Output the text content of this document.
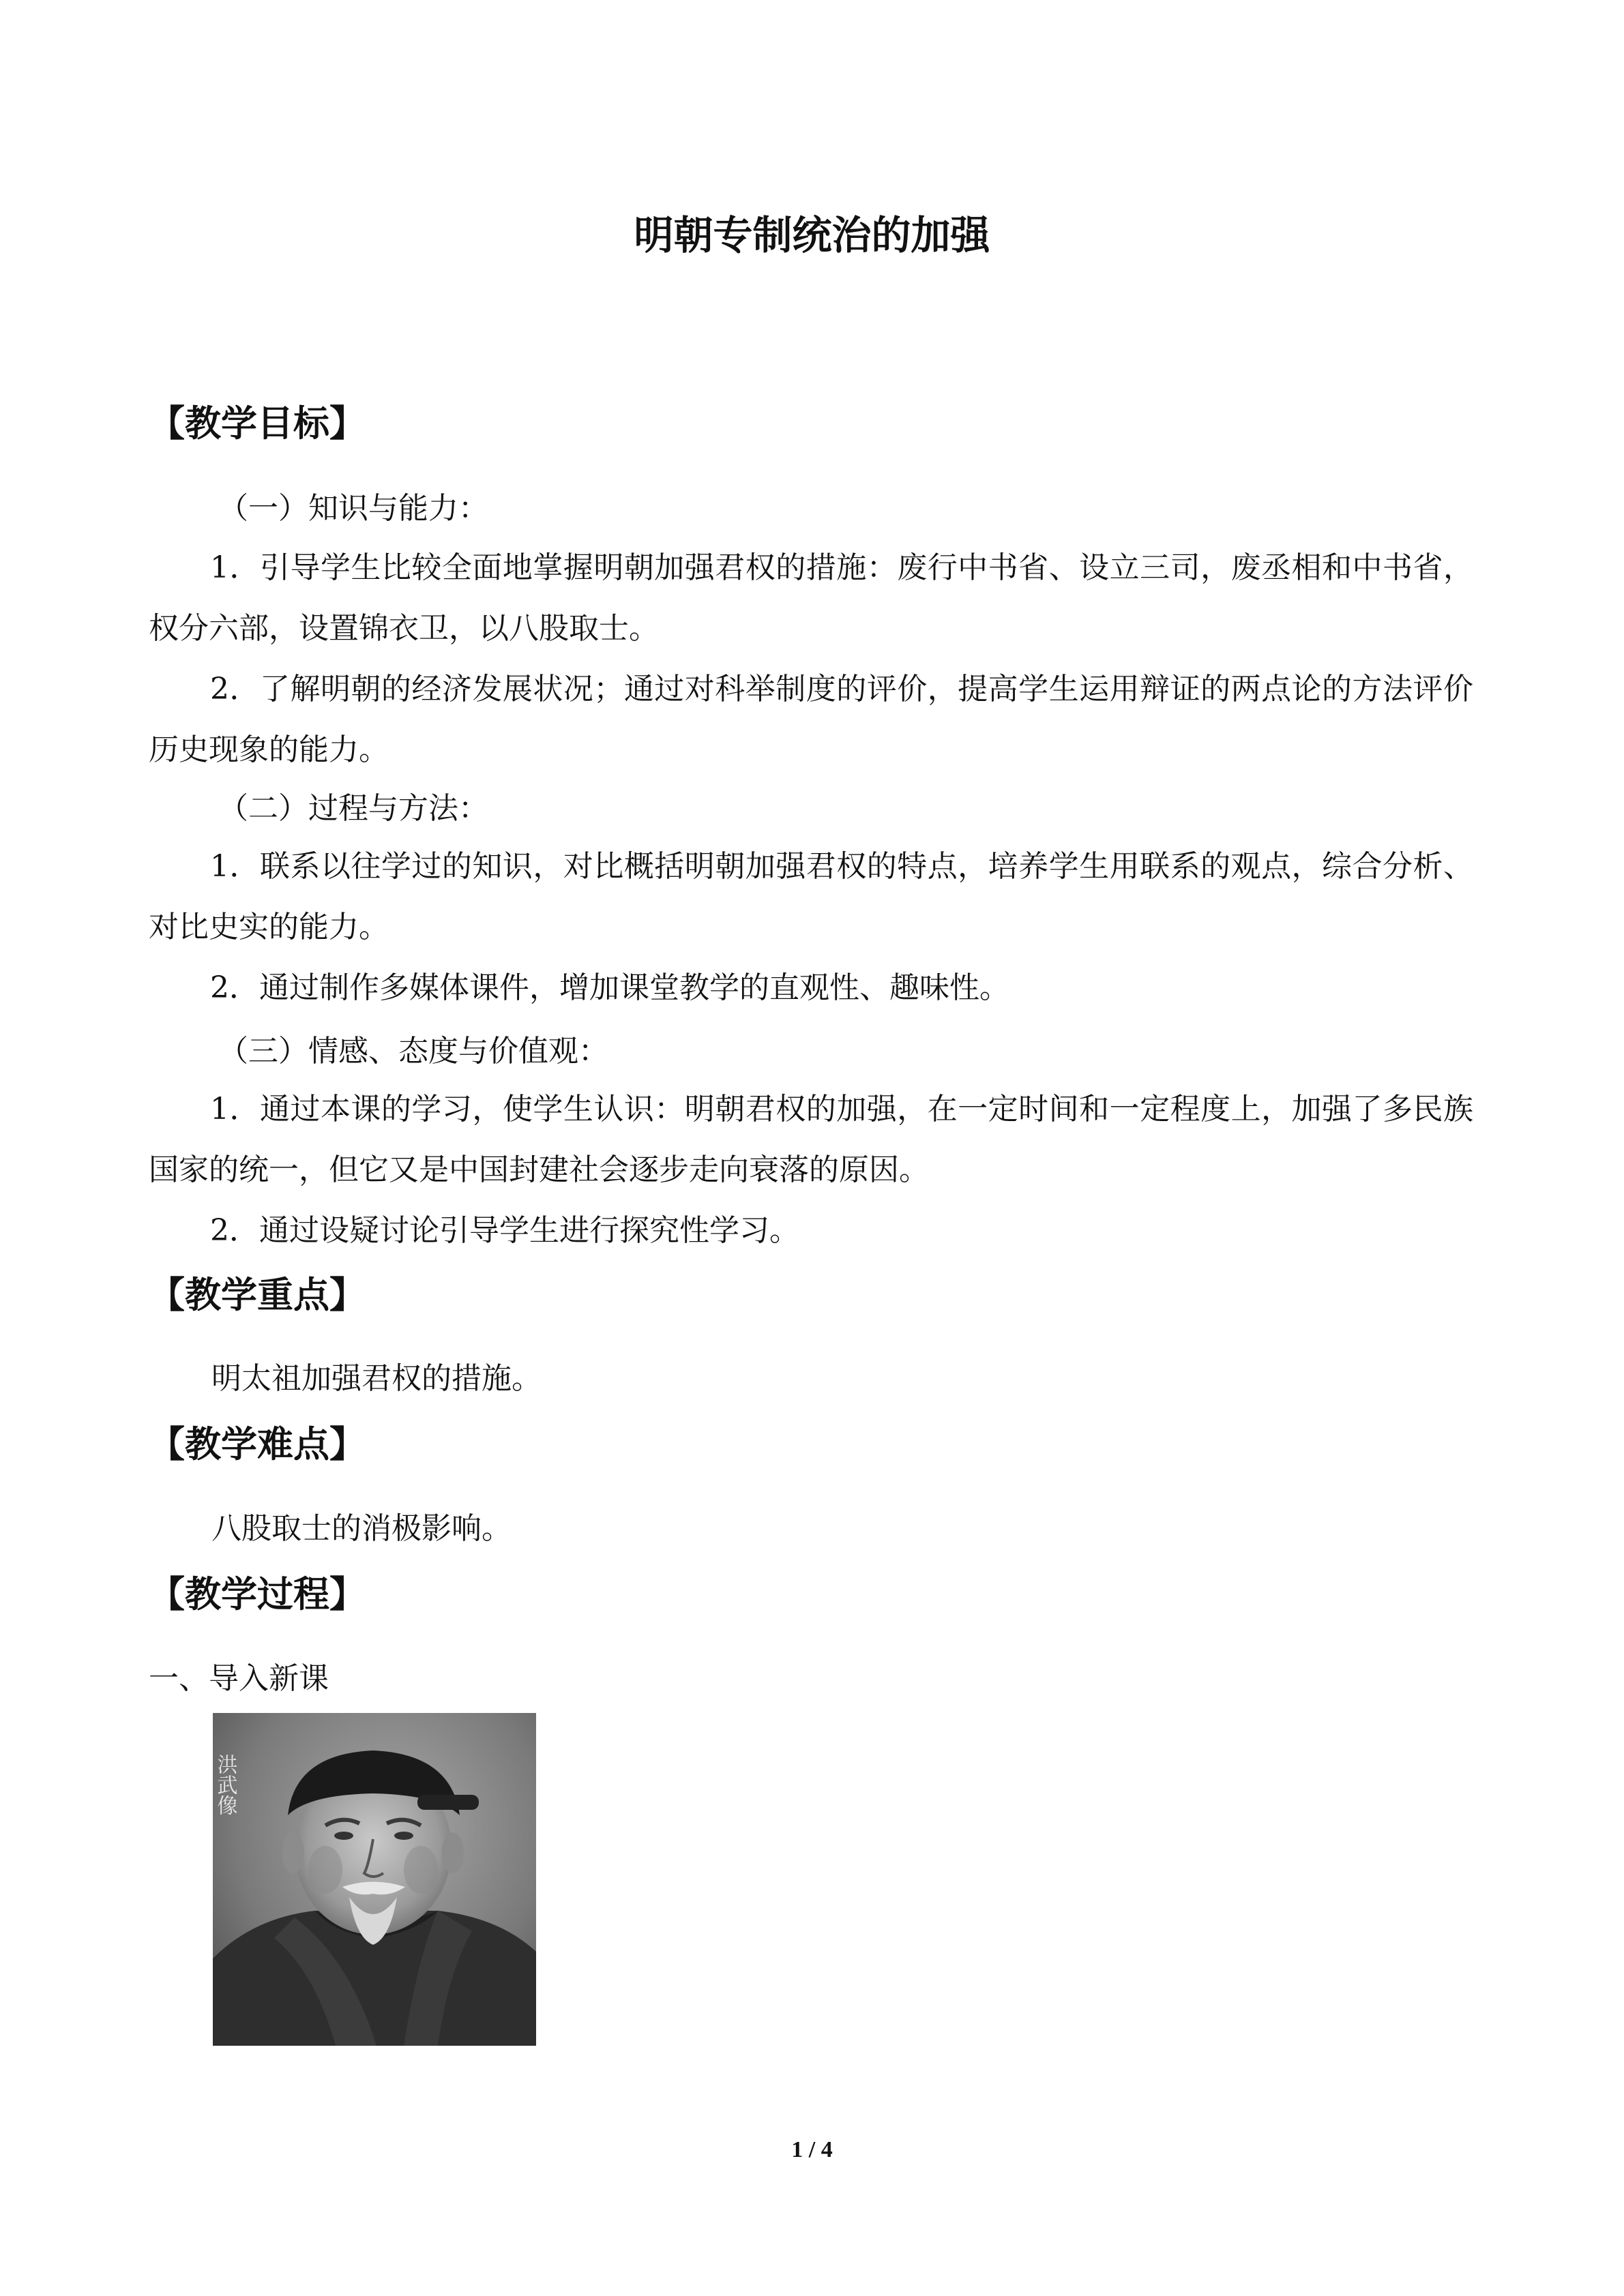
明朝专制统治的加强
【教学目标】

（一）知识与能力：

1．引导学生比较全面地掌握明朝加强君权的措施：废行中书省、设立三司，废丞相和中书省，权分六部，设置锦衣卫，以八股取士。

2．了解明朝的经济发展状况；通过对科举制度的评价，提高学生运用辩证的两点论的方法评价历史现象的能力。

（二）过程与方法：

1．联系以往学过的知识，对比概括明朝加强君权的特点，培养学生用联系的观点，综合分析、对比史实的能力。

2．通过制作多媒体课件，增加课堂教学的直观性、趣味性。

（三）情感、态度与价值观：

1．通过本课的学习，使学生认识：明朝君权的加强，在一定时间和一定程度上，加强了多民族国家的统一，但它又是中国封建社会逐步走向衰落的原因。

2．通过设疑讨论引导学生进行探究性学习。

【教学重点】

明太祖加强君权的措施。

【教学难点】

八股取士的消极影响。

【教学过程】

一、导入新课

洪武像

1 / 4
